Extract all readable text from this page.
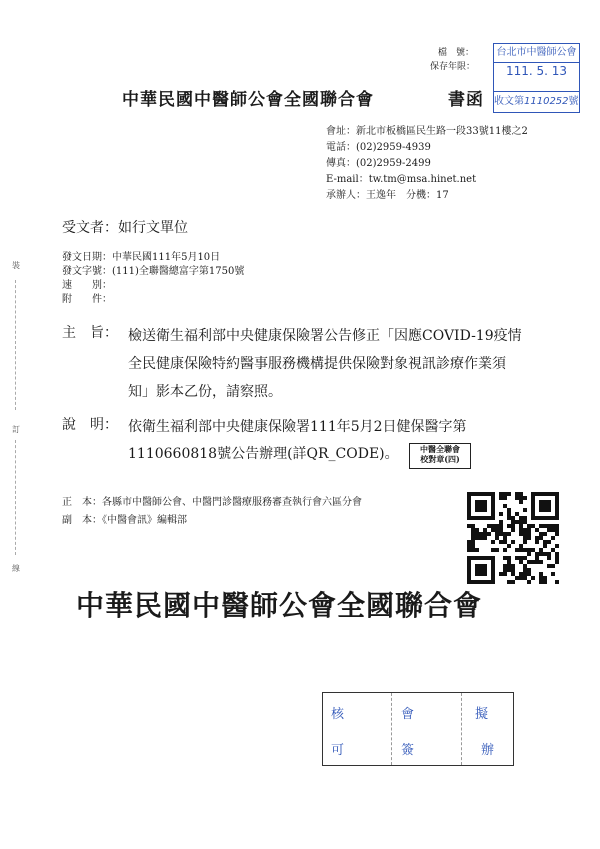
裝
訂
線
檔　號：
保存年限：
台北市中醫師公會
111. 5. 13
收文第1110252號
中華民國中醫師公會全國聯合會	書函
會址：新北市板橋區民生路一段33號11樓之2
電話：(02)2959-4939
傳真：(02)2959-2499
E-mail：tw.tm@msa.hinet.net
承辦人：王逸年　分機：17
受文者：如行文單位
發文日期：中華民國111年5月10日
發文字號：(111)全聯醫總富字第1750號
速　　別：
附　　件：
主　旨： 檢送衛生福利部中央健康保險署公告修正「因應COVID-19疫情
全民健康保險特約醫事服務機構提供保險對象視訊診療作業須
知」影本乙份，請察照。
說　明： 依衛生福利部中央健康保險署111年5月2日健保醫字第
1110660818號公告辦理(詳QR_CODE)。	中醫全聯會
校對章(四)
正　本：各縣市中醫師公會、中醫門診醫療服務審查執行會六區分會
副　本：《中醫會訊》編輯部
中華民國中醫師公會全國聯合會
核
可
會
簽
擬
辦
